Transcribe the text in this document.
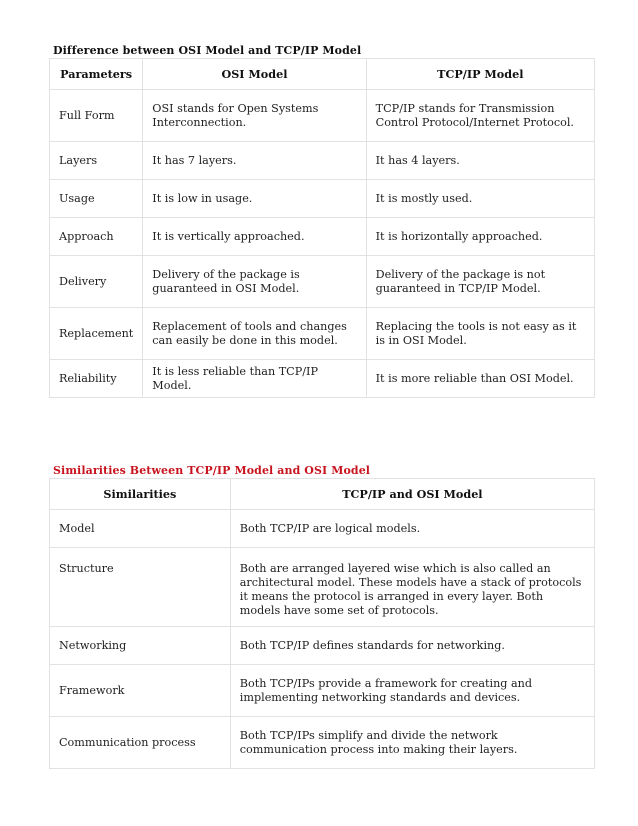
Difference between OSI Model and TCP/IP Model
Parameters	OSI Model	TCP/IP Model
Full Form	OSI stands for Open Systems Interconnection.	TCP/IP stands for Transmission Control Protocol/Internet Protocol.
Layers	It has 7 layers.	It has 4 layers.
Usage	It is low in usage.	It is mostly used.
Approach	It is vertically approached.	It is horizontally approached.
Delivery	Delivery of the package is guaranteed in OSI Model.	Delivery of the package is not guaranteed in TCP/IP Model.
Replacement	Replacement of tools and changes can easily be done in this model.	Replacing the tools is not easy as it is in OSI Model.
Reliability	It is less reliable than TCP/IP Model.	It is more reliable than OSI Model.
Similarities Between TCP/IP Model and OSI Model
Similarities	TCP/IP and OSI Model
Model	Both TCP/IP are logical models.
Structure	Both are arranged layered wise which is also called an architectural model. These models have a stack of protocols it means the protocol is arranged in every layer. Both models have some set of protocols.
Networking	Both TCP/IP defines standards for networking.
Framework	Both TCP/IPs provide a framework for creating and implementing networking standards and devices.
Communication process	Both TCP/IPs simplify and divide the network communication process into making their layers.
